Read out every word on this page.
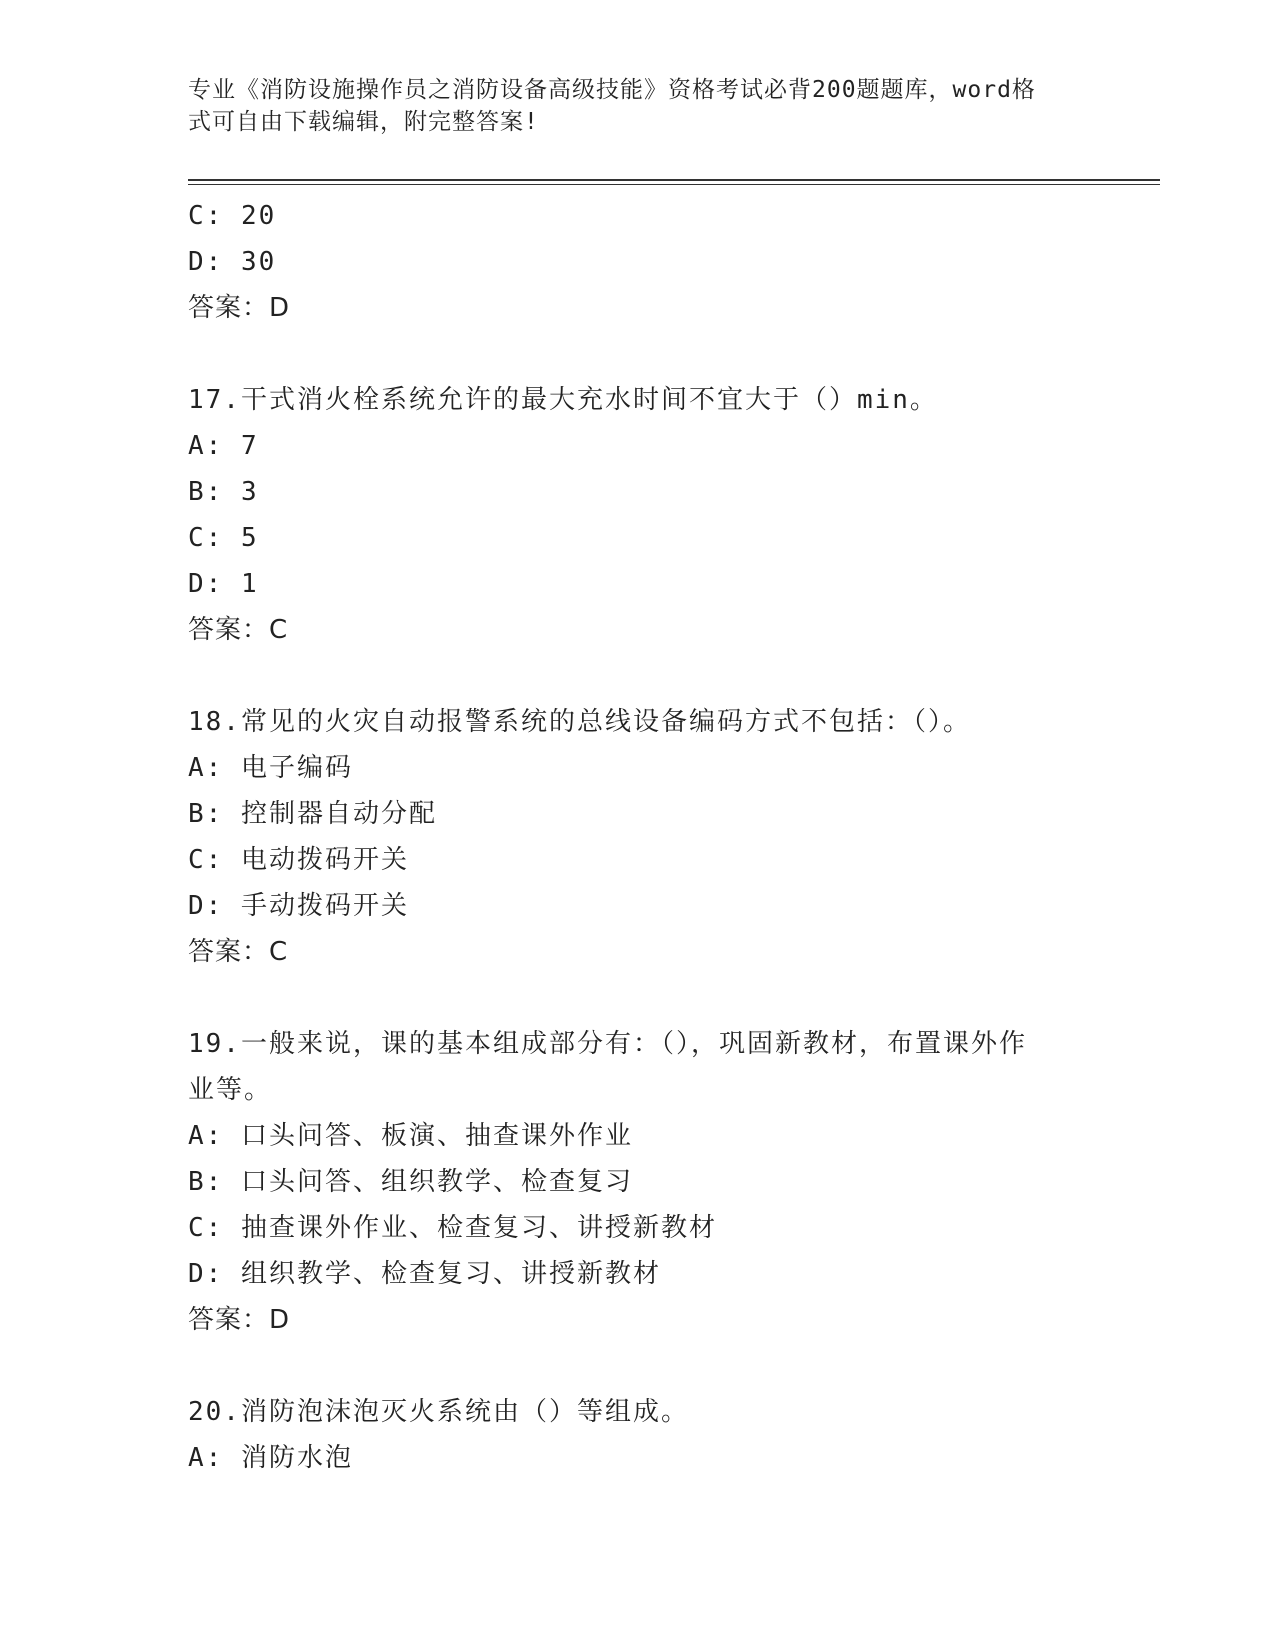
专业《消防设施操作员之消防设备高级技能》资格考试必背200题题库，word格
式可自由下载编辑，附完整答案!
C: 20
D: 30
答案：D
17.干式消火栓系统允许的最大充水时间不宜大于（）min。
A: 7
B: 3
C: 5
D: 1
答案：C
18.常见的火灾自动报警系统的总线设备编码方式不包括：（）。
A: 电子编码
B: 控制器自动分配
C: 电动拨码开关
D: 手动拨码开关
答案：C
19.一般来说，课的基本组成部分有：（），巩固新教材，布置课外作
业等。
A: 口头问答、板演、抽查课外作业
B: 口头问答、组织教学、检查复习
C: 抽查课外作业、检查复习、讲授新教材
D: 组织教学、检查复习、讲授新教材
答案：D
20.消防泡沫泡灭火系统由（）等组成。
A: 消防水泡
